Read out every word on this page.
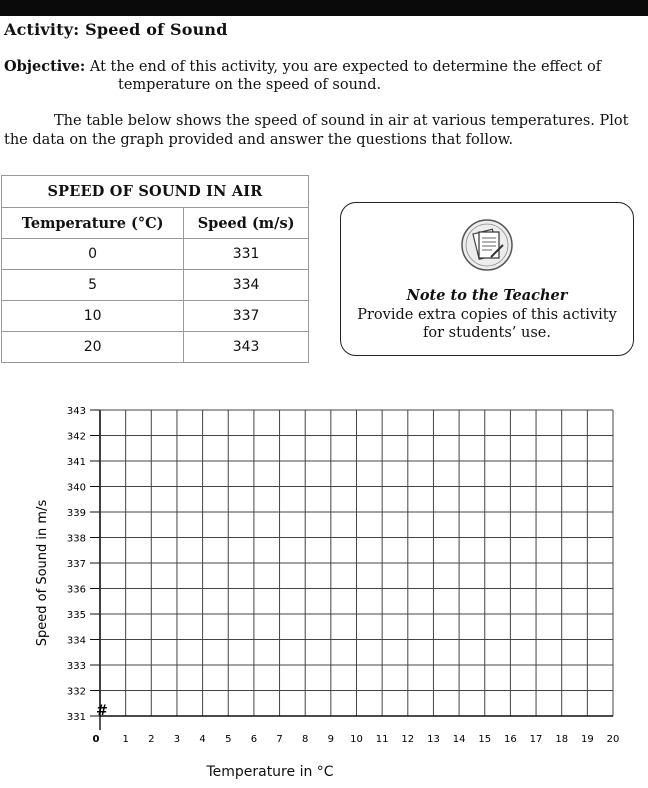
Activity: Speed of Sound
Objective: At the end of this activity, you are expected to determine the effect of
temperature on the speed of sound.
The table below shows the speed of sound in air at various temperatures. Plot the data on the graph provided and answer the questions that follow.
SPEED OF SOUND IN AIR	
Temperature (°C)	Speed (m/s)
0	331
5	334
10	337
20	343
Note to the Teacher
Provide extra copies of this activity
for students’ use.
331
332
333
334
335
336
337
338
339
340
341
342
343
0 1 2 3 4 5 6 7 8 9 10 11 12 13 14 15 16 17 18 19 20
#
Speed of Sound in m/s
Temperature in °C
